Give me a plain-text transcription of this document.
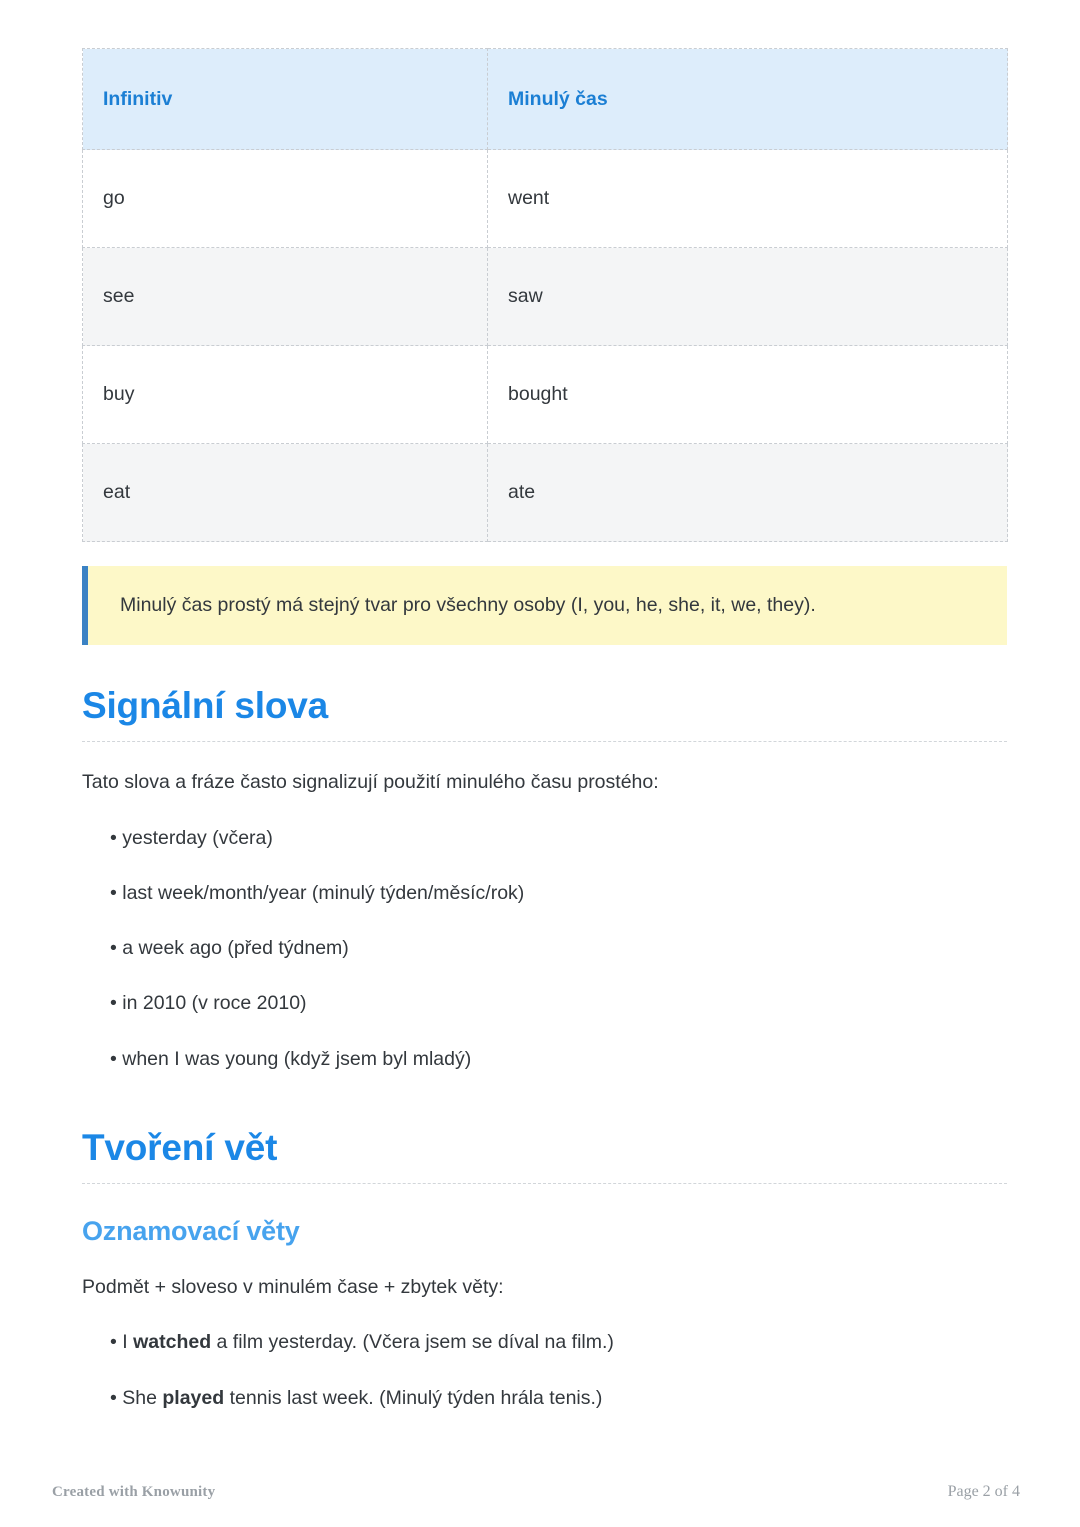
Infinitiv	Minulý čas
go	went
see	saw
buy	bought
eat	ate
Minulý čas prostý má stejný tvar pro všechny osoby (I, you, he, she, it, we, they).
Signální slova

Tato slova a fráze často signalizují použití minulého času prostého:

• yesterday (včera)
• last week/month/year (minulý týden/měsíc/rok)
• a week ago (před týdnem)
• in 2010 (v roce 2010)
• when I was young (když jsem byl mladý)
Tvoření vět
Oznamovací věty

Podmět + sloveso v minulém čase + zbytek věty:

• I watched a film yesterday. (Včera jsem se díval na film.)
• She played tennis last week. (Minulý týden hrála tenis.)
Created with Knowunity	Page 2 of 4
